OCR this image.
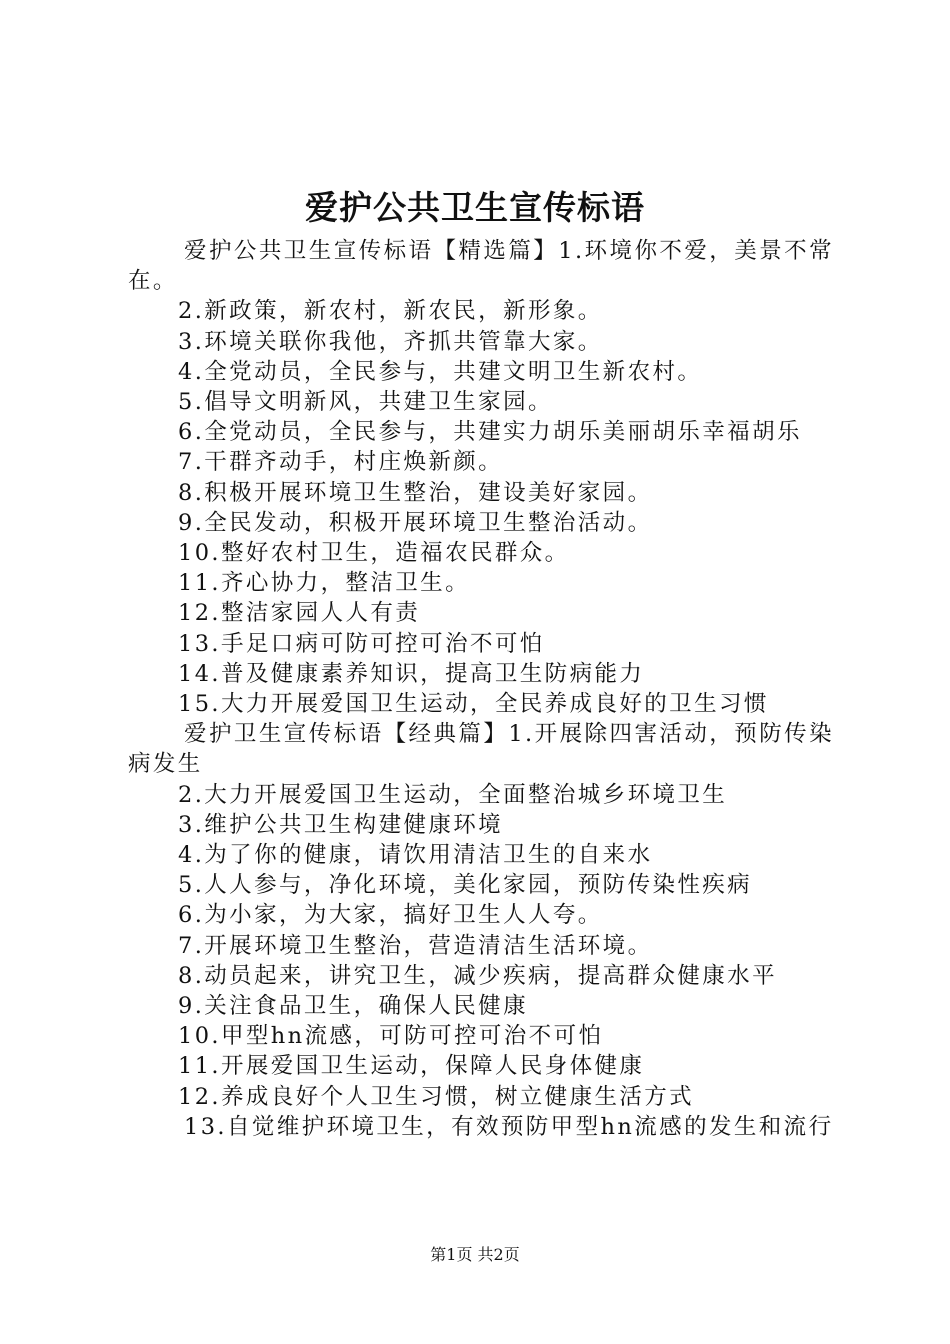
爱护公共卫生宣传标语

爱护公共卫生宣传标语【精选篇】1.环境你不爱，美景不常在。

2.新政策，新农村，新农民，新形象。

3.环境关联你我他，齐抓共管靠大家。

4.全党动员，全民参与，共建文明卫生新农村。

5.倡导文明新风，共建卫生家园。

6.全党动员，全民参与，共建实力胡乐美丽胡乐幸福胡乐

7.干群齐动手，村庄焕新颜。

8.积极开展环境卫生整治，建设美好家园。

9.全民发动，积极开展环境卫生整治活动。

10.整好农村卫生，造福农民群众。

11.齐心协力，整洁卫生。

12.整洁家园人人有责

13.手足口病可防可控可治不可怕

14.普及健康素养知识，提高卫生防病能力

15.大力开展爱国卫生运动，全民养成良好的卫生习惯

爱护卫生宣传标语【经典篇】1.开展除四害活动，预防传染病发生

2.大力开展爱国卫生运动，全面整治城乡环境卫生

3.维护公共卫生构建健康环境

4.为了你的健康，请饮用清洁卫生的自来水

5.人人参与，净化环境，美化家园，预防传染性疾病

6.为小家，为大家，搞好卫生人人夸。

7.开展环境卫生整治，营造清洁生活环境。

8.动员起来，讲究卫生，减少疾病，提高群众健康水平

9.关注食品卫生，确保人民健康

10.甲型hn流感，可防可控可治不可怕

11.开展爱国卫生运动，保障人民身体健康

12.养成良好个人卫生习惯，树立健康生活方式

13.自觉维护环境卫生，有效预防甲型hn流感的发生和流行

第1页 共2页
